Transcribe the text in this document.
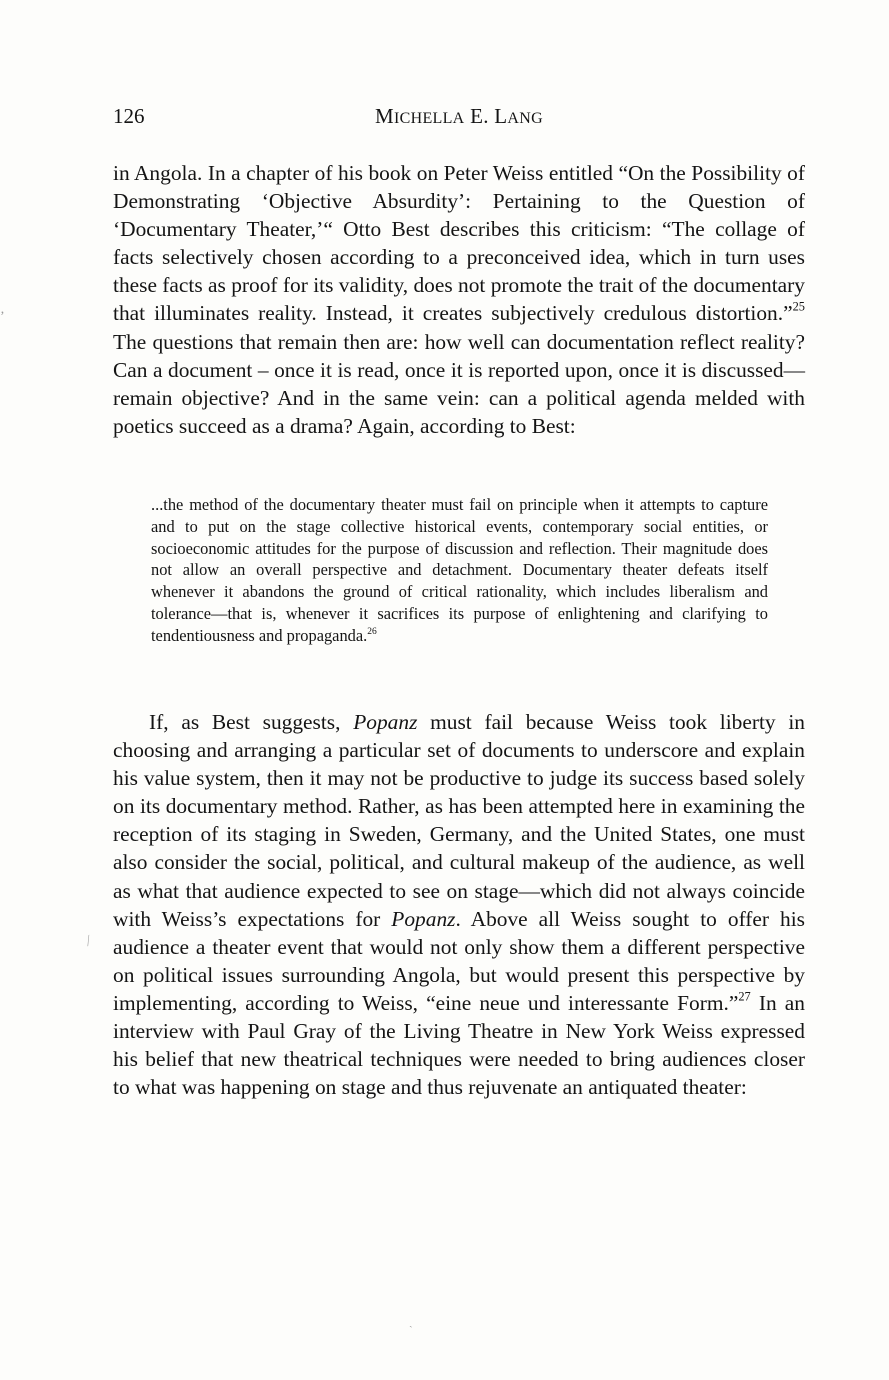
126	MICHELLA E. LANG

in Angola. In a chapter of his book on Peter Weiss entitled “On the Possibility of Demonstrating ‘Objective Absurdity’: Pertaining to the Question of ‘Documentary Theater,’“ Otto Best describes this criticism: “The collage of facts selectively chosen according to a preconceived idea, which in turn uses these facts as proof for its validity, does not promote the trait of the documentary that illuminates reality. Instead, it creates subjectively credulous distortion.”$^{25}$ The questions that remain then are: how well can documentation reflect reality? Can a document – once it is read, once it is reported upon, once it is discussed—remain objective? And in the same vein: can a political agenda melded with poetics succeed as a drama? Again, according to Best:

...the method of the documentary theater must fail on principle when it attempts to capture and to put on the stage collective historical events, contemporary social entities, or socioeconomic attitudes for the purpose of discussion and reflection. Their magnitude does not allow an overall perspective and detachment. Documentary theater defeats itself whenever it abandons the ground of critical rationality, which includes liberalism and tolerance—that is, whenever it sacrifices its purpose of enlightening and clarifying to tendentiousness and propaganda.$^{26}$

If, as Best suggests, Popanz must fail because Weiss took liberty in choosing and arranging a particular set of documents to underscore and explain his value system, then it may not be productive to judge its success based solely on its documentary method. Rather, as has been attempted here in examining the reception of its staging in Sweden, Germany, and the United States, one must also consider the social, political, and cultural makeup of the audience, as well as what that audience expected to see on stage—which did not always coincide with Weiss’s expectations for Popanz. Above all Weiss sought to offer his audience a theater event that would not only show them a different perspective on political issues surrounding Angola, but would present this perspective by implementing, according to Weiss, “eine neue und interessante Form.”$^{27}$ In an interview with Paul Gray of the Living Theatre in New York Weiss expressed his belief that new theatrical techniques were needed to bring audiences closer to what was happening on stage and thus rejuvenate an antiquated theater:

‚
⁄
ˏ
